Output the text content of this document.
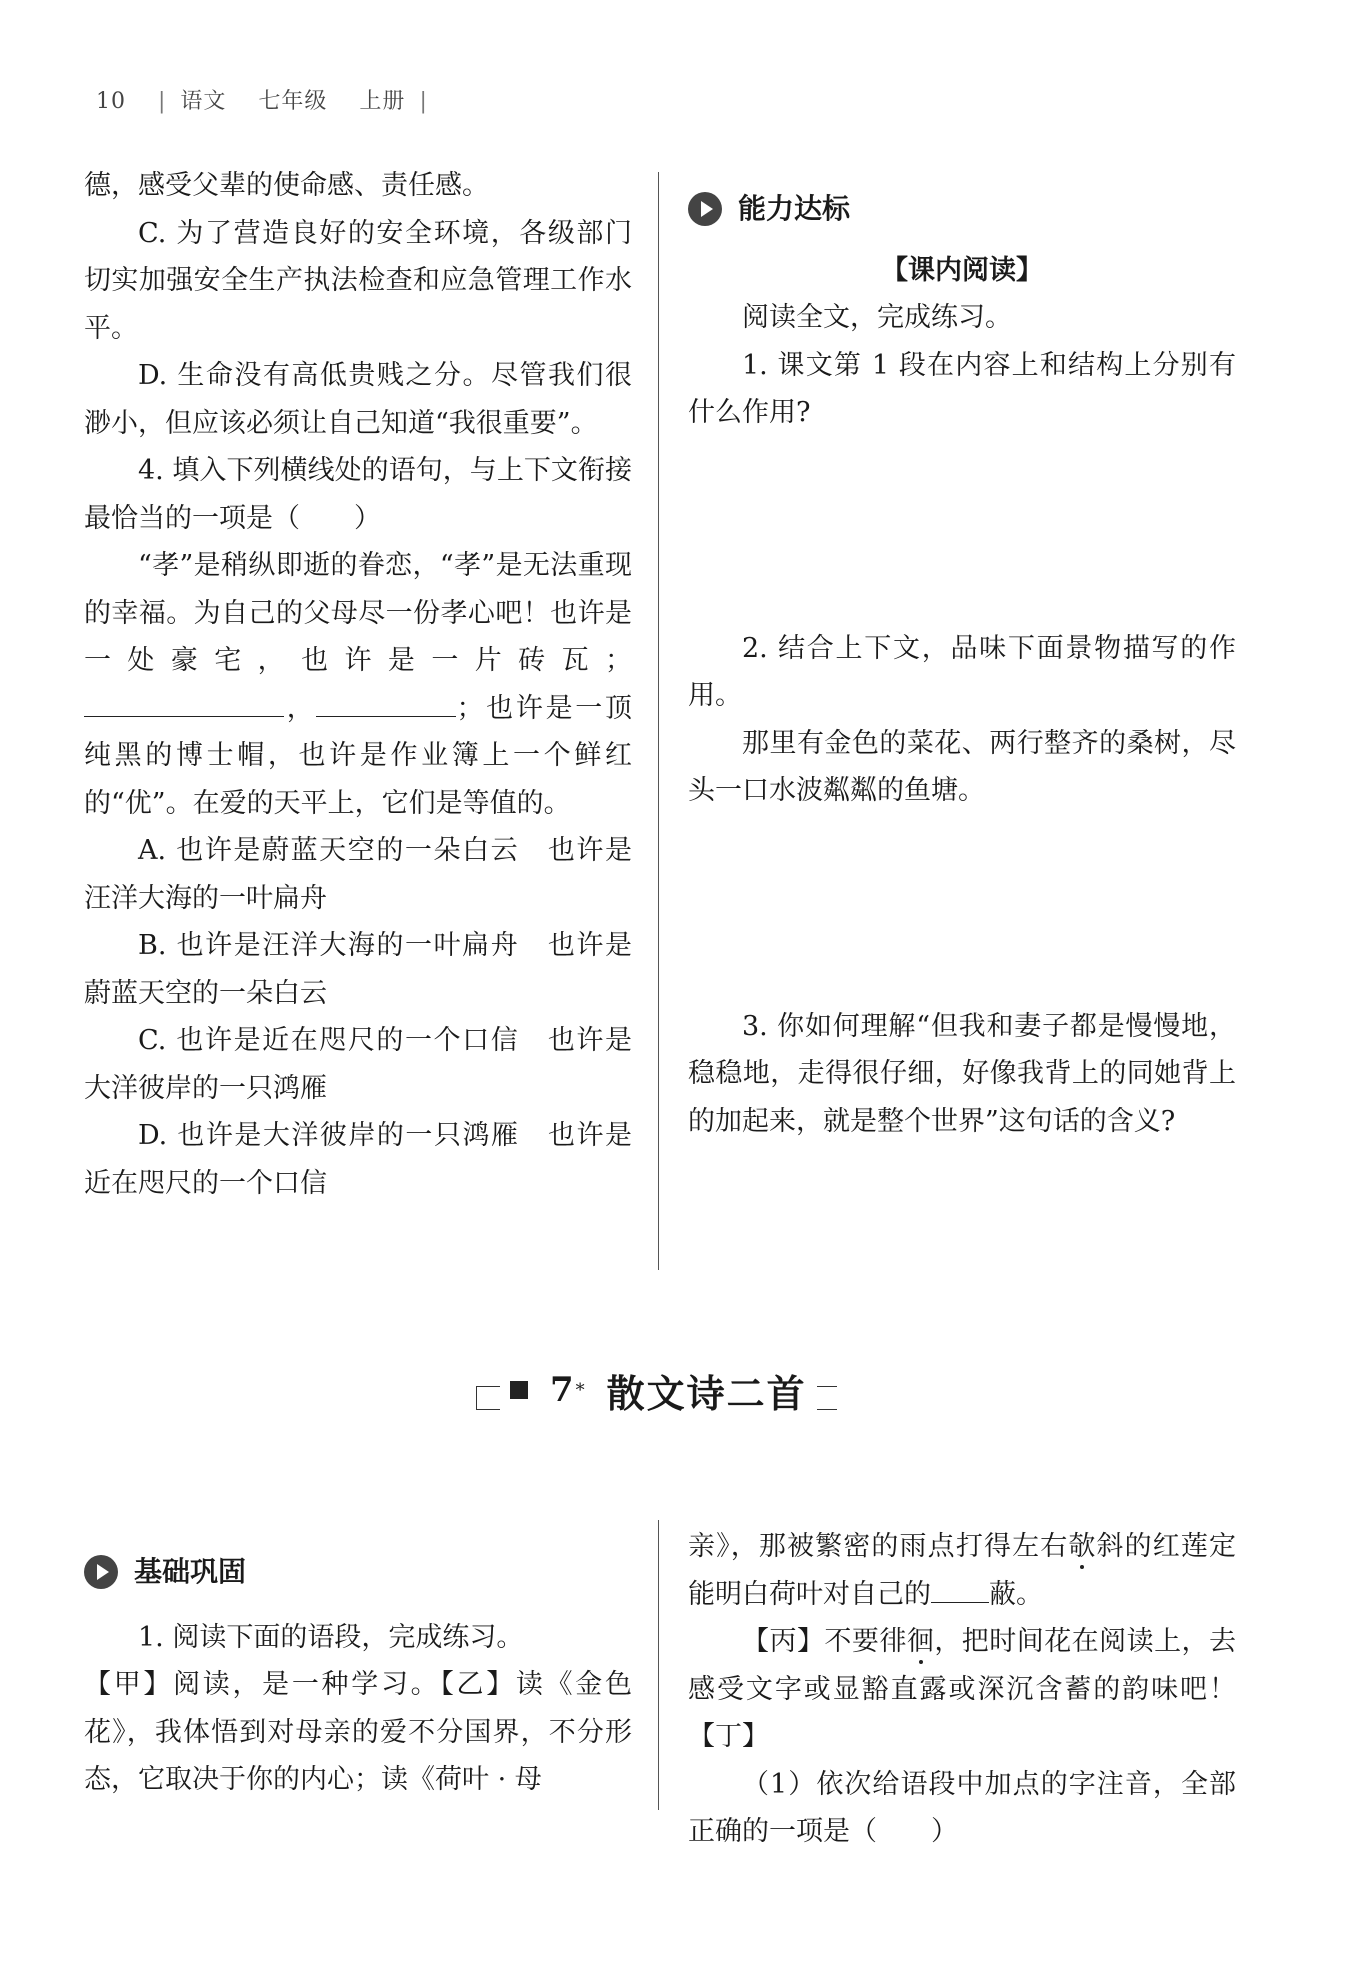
10 | 语文 七年级 上册 |

德，感受父辈的使命感、责任感。

C. 为了营造良好的安全环境，各级部门切实加强安全生产执法检查和应急管理工作水平。

D. 生命没有高低贵贱之分。尽管我们很渺小，但应该必须让自己知道“我很重要”。

4. 填入下列横线处的语句，与上下文衔接最恰当的一项是（　　）

“孝”是稍纵即逝的眷恋，“孝”是无法重现的幸福。为自己的父母尽一份孝心吧！也许是一处豪宅，也许是一片砖瓦；，	；也许是一顶纯黑的博士帽，也许是作业簿上一个鲜红的“优”。在爱的天平上，它们是等值的。

A. 也许是蔚蓝天空的一朵白云　也许是汪洋大海的一叶扁舟

B. 也许是汪洋大海的一叶扁舟　也许是蔚蓝天空的一朵白云

C. 也许是近在咫尺的一个口信　也许是大洋彼岸的一只鸿雁

D. 也许是大洋彼岸的一只鸿雁　也许是近在咫尺的一个口信

能力达标
【课内阅读】

阅读全文，完成练习。

1. 课文第 1 段在内容上和结构上分别有什么作用?

2. 结合上下文，品味下面景物描写的作用。

那里有金色的菜花、两行整齐的桑树，尽头一口水波粼粼的鱼塘。

3. 你如何理解“但我和妻子都是慢慢地，稳稳地，走得很仔细，好像我背上的同她背上的加起来，就是整个世界”这句话的含义?

7 * 散文诗二首
基础巩固

1. 阅读下面的语段，完成练习。

【甲】阅读，是一种学习。【乙】读《金色花》，我体悟到对母亲的爱不分国界，不分形态，它取决于你的内心；读《荷叶 · 母

亲》，那被繁密的雨点打得左右欹斜的红莲定能明白荷叶对自己的 蔽。

【丙】不要徘徊，把时间花在阅读上，去感受文字或显豁直露或深沉含蓄的韵味吧！【丁】

（1）依次给语段中加点的字注音，全部正确的一项是（　　）
